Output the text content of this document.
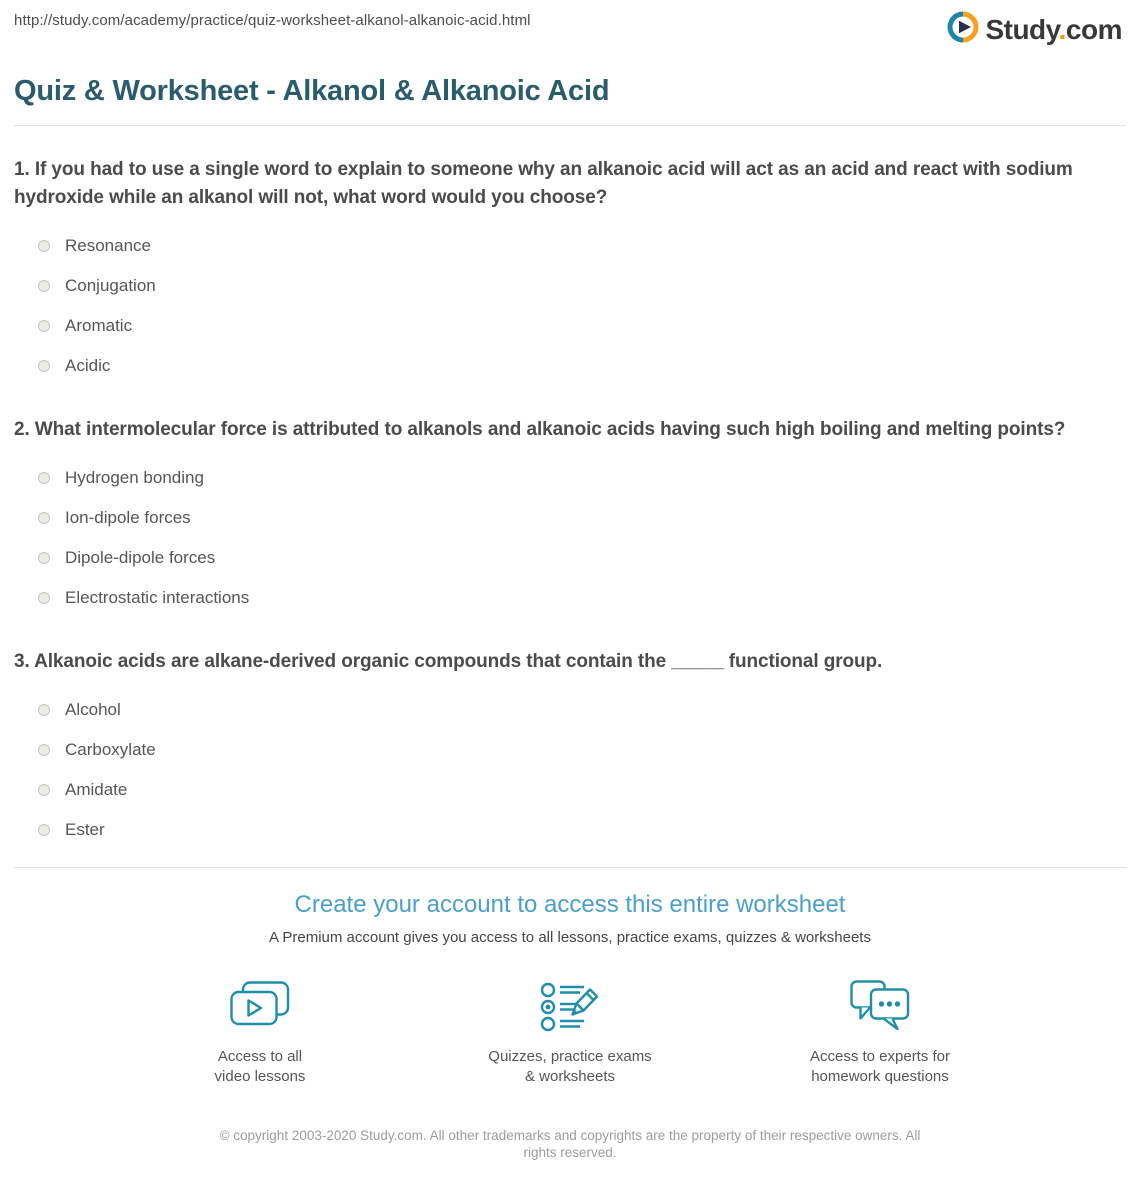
http://study.com/academy/practice/quiz-worksheet-alkanol-alkanoic-acid.html	Study.com
Quiz & Worksheet - Alkanol & Alkanoic Acid

1. If you had to use a single word to explain to someone why an alkanoic acid will act as an acid and react with sodium hydroxide while an alkanol will not, what word would you choose?

Resonance
Conjugation
Aromatic
Acidic

2. What intermolecular force is attributed to alkanols and alkanoic acids having such high boiling and melting points?

Hydrogen bonding
Ion-dipole forces
Dipole-dipole forces
Electrostatic interactions

3. Alkanoic acids are alkane-derived organic compounds that contain the _____ functional group.

Alcohol
Carboxylate
Amidate
Ester
Create your account to access this entire worksheet

A Premium account gives you access to all lessons, practice exams, quizzes & worksheets

Access to all
video lessons
Quizzes, practice exams
& worksheets
Access to experts for
homework questions

© copyright 2003-2020 Study.com. All other trademarks and copyrights are the property of their respective owners. All rights reserved.
